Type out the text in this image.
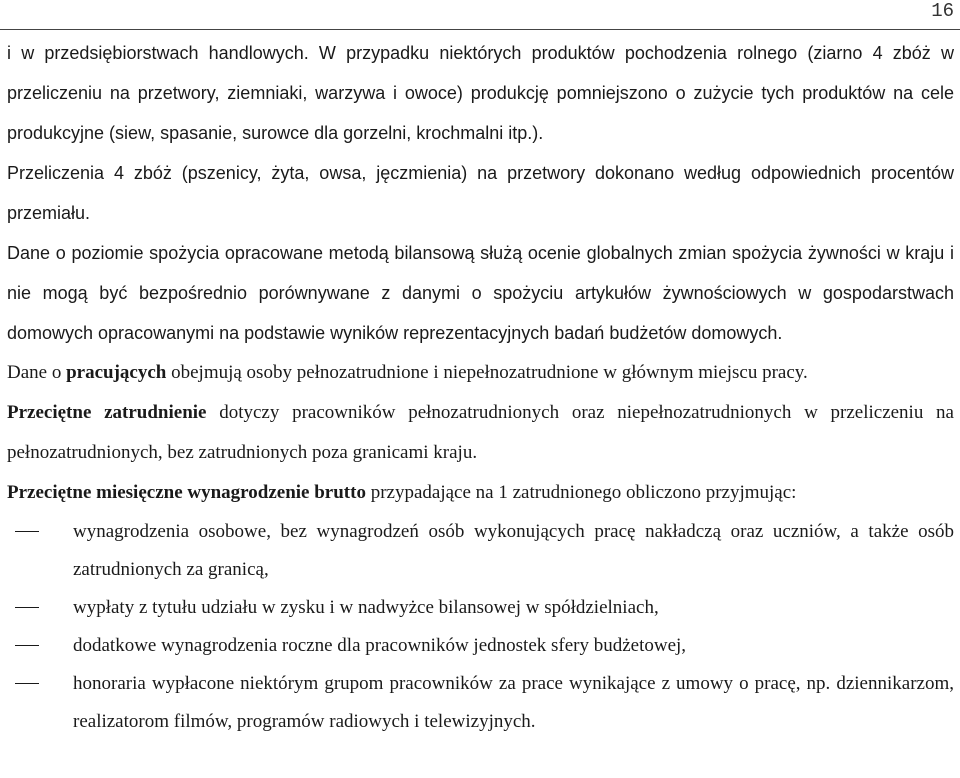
16

i w przedsiębiorstwach handlowych. W przypadku niektórych produktów pochodzenia rolnego (ziarno 4 zbóż w przeliczeniu na przetwory, ziemniaki, warzywa i owoce) produkcję pomniejszono o zużycie tych produktów na cele produkcyjne (siew, spasanie, surowce dla gorzelni, krochmalni itp.).

Przeliczenia 4 zbóż (pszenicy, żyta, owsa, jęczmienia) na przetwory dokonano według odpowiednich procentów przemiału.

Dane o poziomie spożycia opracowane metodą bilansową służą ocenie globalnych zmian spożycia żywności w kraju i nie mogą być bezpośrednio porównywane z danymi o spożyciu artykułów żywnościowych w gospodarstwach domowych opracowanymi na podstawie wyników reprezentacyjnych badań budżetów domowych.

Dane o pracujących obejmują osoby pełnozatrudnione i niepełnozatrudnione w głównym miejscu pracy.

Przeciętne zatrudnienie dotyczy pracowników pełnozatrudnionych oraz niepełnozatrudnionych w przeliczeniu na pełnozatrudnionych, bez zatrudnionych poza granicami kraju.

Przeciętne miesięczne wynagrodzenie brutto przypadające na 1 zatrudnionego obliczono przyjmując:

wynagrodzenia osobowe, bez wynagrodzeń osób wykonujących pracę nakładczą oraz uczniów, a także osób zatrudnionych za granicą,
wypłaty z tytułu udziału w zysku i w nadwyżce bilansowej w spółdzielniach,
dodatkowe wynagrodzenia roczne dla pracowników jednostek sfery budżetowej,
honoraria wypłacone niektórym grupom pracowników za prace wynikające z umowy o pracę, np. dziennikarzom, realizatorom filmów, programów radiowych i telewizyjnych.
